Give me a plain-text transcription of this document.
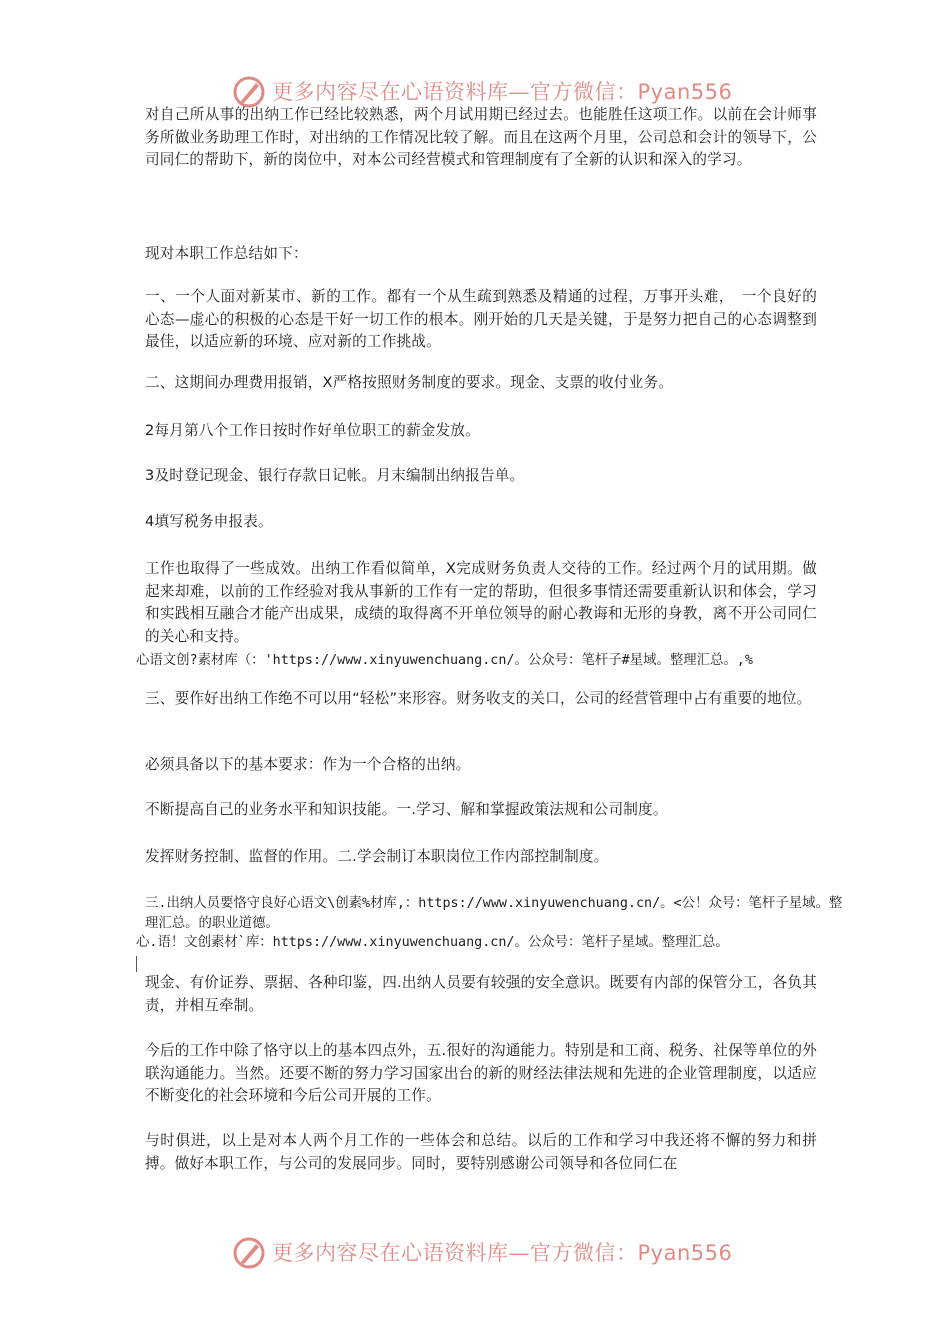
更多内容尽在心语资料库—官方微信：Pyan556

对自己所从事的出纳工作已经比较熟悉，两个月试用期已经过去。也能胜任这项工作。以前在会计师事务所做业务助理工作时，对出纳的工作情况比较了解。而且在这两个月里，公司总和会计的领导下，公司同仁的帮助下，新的岗位中，对本公司经营模式和管理制度有了全新的认识和深入的学习。

现对本职工作总结如下：

一、一个人面对新某市、新的工作。都有一个从生疏到熟悉及精通的过程，万事开头难，　一个良好的心态—虚心的积极的心态是干好一切工作的根本。刚开始的几天是关键，于是努力把自己的心态调整到最佳，以适应新的环境、应对新的工作挑战。

二、这期间办理费用报销，X严格按照财务制度的要求。现金、支票的收付业务。

2每月第八个工作日按时作好单位职工的薪金发放。

3及时登记现金、银行存款日记帐。月末编制出纳报告单。

4填写税务申报表。

工作也取得了一些成效。出纳工作看似简单，X完成财务负责人交待的工作。经过两个月的试用期。做起来却难，以前的工作经验对我从事新的工作有一定的帮助，但很多事情还需要重新认识和体会，学习和实践相互融合才能产出成果，成绩的取得离不开单位领导的耐心教诲和无形的身教，离不开公司同仁的关心和支持。

心语文创?素材库（：'https://www.xinyuwenchuang.cn/。公众号：笔杆子#星域。整理汇总。,%

三、要作好出纳工作绝不可以用“轻松”来形容。财务收支的关口，公司的经营管理中占有重要的地位。

必须具备以下的基本要求：作为一个合格的出纳。

不断提高自己的业务水平和知识技能。一.学习、解和掌握政策法规和公司制度。

发挥财务控制、监督的作用。二.学会制订本职岗位工作内部控制制度。

三.出纳人员要恪守良好心语文\创素%材库,：https://www.xinyuwenchuang.cn/。<公！众号：笔杆子星域。整理汇总。的职业道德。

心.语！文创素材`库：https://www.xinyuwenchuang.cn/。公众号：笔杆子星域。整理汇总。

现金、有价证券、票据、各种印鉴，四.出纳人员要有较强的安全意识。既要有内部的保管分工，各负其责，并相互牵制。

今后的工作中除了恪守以上的基本四点外，五.很好的沟通能力。特别是和工商、税务、社保等单位的外联沟通能力。当然。还要不断的努力学习国家出台的新的财经法律法规和先进的企业管理制度，以适应不断变化的社会环境和今后公司开展的工作。

与时俱进，以上是对本人两个月工作的一些体会和总结。以后的工作和学习中我还将不懈的努力和拼搏。做好本职工作，与公司的发展同步。同时，要特别感谢公司领导和各位同仁在

更多内容尽在心语资料库—官方微信：Pyan556
